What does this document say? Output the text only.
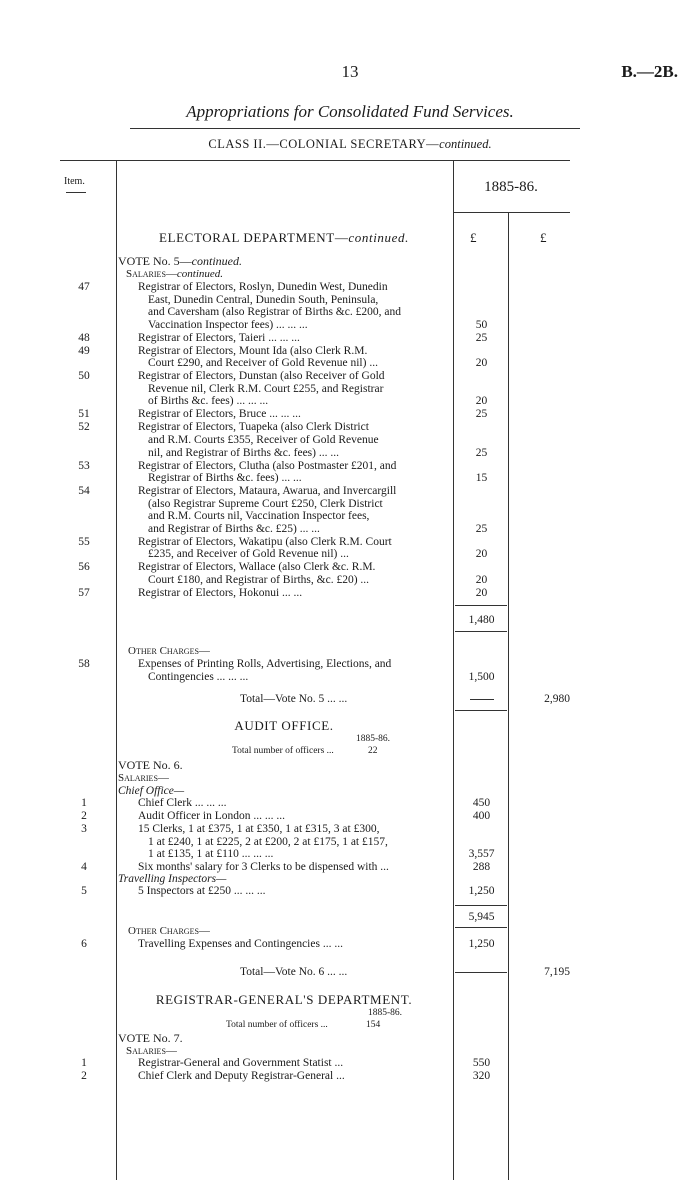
13	B.—2B.
Appropriations for Consolidated Fund Services.
CLASS II.—COLONIAL SECRETARY—continued.
Item.	1885-86.
£	£
ELECTORAL DEPARTMENT—continued.
VOTE No. 5—continued.
Salaries—continued.
47	Registrar of Electors, Roslyn, Dunedin West, Dunedin
East, Dunedin Central, Dunedin South, Peninsula,
and Caversham (also Registrar of Births &c. £200, and
Vaccination Inspector fees) ... ... ...	50
48	Registrar of Electors, Taieri ... ... ...	25
49	Registrar of Electors, Mount Ida (also Clerk R.M.
Court £290, and Receiver of Gold Revenue nil) ...	20
50	Registrar of Electors, Dunstan (also Receiver of Gold
Revenue nil, Clerk R.M. Court £255, and Registrar
of Births &c. fees) ... ... ...	20
51	Registrar of Electors, Bruce ... ... ...	25
52	Registrar of Electors, Tuapeka (also Clerk District
and R.M. Courts £355, Receiver of Gold Revenue
nil, and Registrar of Births &c. fees) ... ...	25
53	Registrar of Electors, Clutha (also Postmaster £201, and
Registrar of Births &c. fees) ... ...	15
54	Registrar of Electors, Mataura, Awarua, and Invercargill
(also Registrar Supreme Court £250, Clerk District
and R.M. Courts nil, Vaccination Inspector fees,
and Registrar of Births &c. £25) ... ...	25
55	Registrar of Electors, Wakatipu (also Clerk R.M. Court
£235, and Receiver of Gold Revenue nil) ...	20
56	Registrar of Electors, Wallace (also Clerk &c. R.M.
Court £180, and Registrar of Births, &c. £20) ...	20
57	Registrar of Electors, Hokonui ... ...	20
1,480
Other Charges—
58	Expenses of Printing Rolls, Advertising, Elections, and
Contingencies ... ... ...	1,500
Total—Vote No. 5 ... ...	2,980
AUDIT OFFICE.
1885-86.
Total number of officers ...	22
VOTE No. 6.
Salaries—
Chief Office—
1	Chief Clerk ... ... ...	450
2	Audit Officer in London ... ... ...	400
3	15 Clerks, 1 at £375, 1 at £350, 1 at £315, 3 at £300,
1 at £240, 1 at £225, 2 at £200, 2 at £175, 1 at £157,
1 at £135, 1 at £110 ... ... ...	3,557
4	Six months' salary for 3 Clerks to be dispensed with ...	288
Travelling Inspectors—
5	5 Inspectors at £250 ... ... ...	1,250
5,945
Other Charges—
6	Travelling Expenses and Contingencies ... ...	1,250
Total—Vote No. 6 ... ...	7,195
REGISTRAR-GENERAL'S DEPARTMENT.
1885-86.
Total number of officers ...	154
VOTE No. 7.
Salaries—
1	Registrar-General and Government Statist ...	550
2	Chief Clerk and Deputy Registrar-General ...	320
